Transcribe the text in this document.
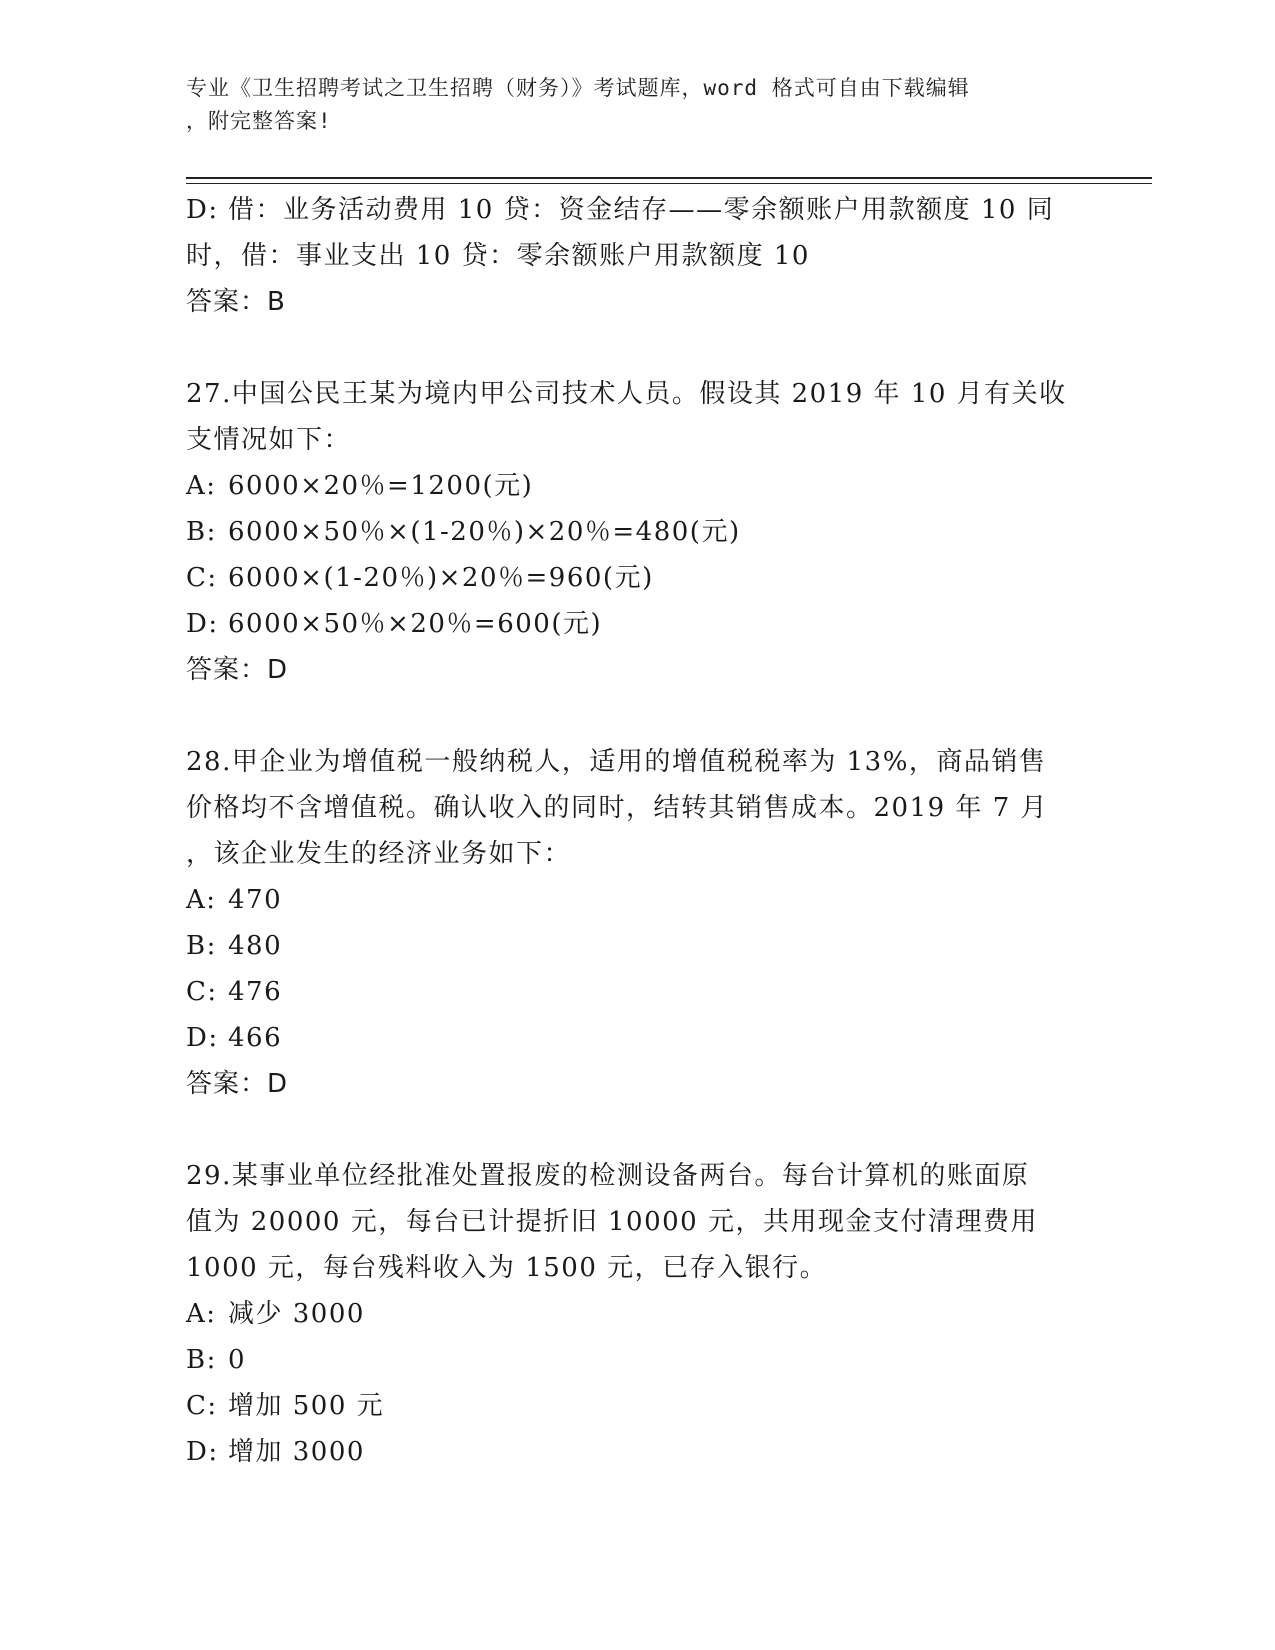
专业《卫生招聘考试之卫生招聘（财务）》考试题库，word 格式可自由下载编辑
，附完整答案!
D: 借：业务活动费用 10 贷：资金结存——零余额账户用款额度 10 同
时，借：事业支出 10 贷：零余额账户用款额度 10
答案：B
27.中国公民王某为境内甲公司技术人员。假设其 2019 年 10 月有关收
支情况如下：
A: 6000×20％=1200(元)
B: 6000×50％×(1-20％)×20％=480(元)
C: 6000×(1-20％)×20％=960(元)
D: 6000×50％×20％=600(元)
答案：D
28.甲企业为增值税一般纳税人，适用的增值税税率为 13%，商品销售
价格均不含增值税。确认收入的同时，结转其销售成本。2019 年 7 月
，该企业发生的经济业务如下：
A: 470
B: 480
C: 476
D: 466
答案：D
29.某事业单位经批准处置报废的检测设备两台。每台计算机的账面原
值为 20000 元，每台已计提折旧 10000 元，共用现金支付清理费用
1000 元，每台残料收入为 1500 元，已存入银行。
A: 减少 3000
B: 0
C: 增加 500 元
D: 增加 3000
